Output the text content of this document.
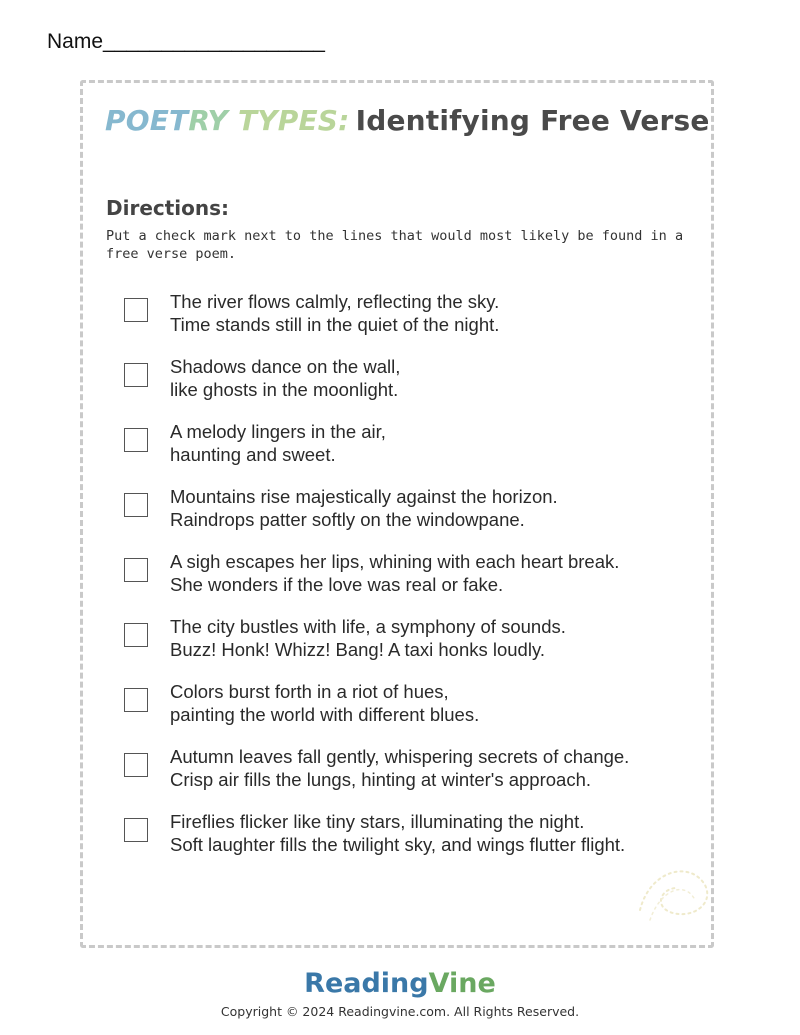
Name___________________
POETRY TYPES: Identifying Free Verse
Directions:
Put a check mark next to the lines that would most likely be found in a free verse poem.
The river flows calmly, reflecting the sky.
Time stands still in the quiet of the night.
Shadows dance on the wall,
like ghosts in the moonlight.
A melody lingers in the air,
haunting and sweet.
Mountains rise majestically against the horizon.
Raindrops patter softly on the windowpane.
A sigh escapes her lips, whining with each heart break.
She wonders if the love was real or fake.
The city bustles with life, a symphony of sounds.
Buzz! Honk! Whizz! Bang! A taxi honks loudly.
Colors burst forth in a riot of hues,
painting the world with different blues.
Autumn leaves fall gently, whispering secrets of change.
Crisp air fills the lungs, hinting at winter's approach.
Fireflies flicker like tiny stars, illuminating the night.
Soft laughter fills the twilight sky, and wings flutter flight.
ReadingVine
Copyright © 2024 Readingvine.com. All Rights Reserved.
